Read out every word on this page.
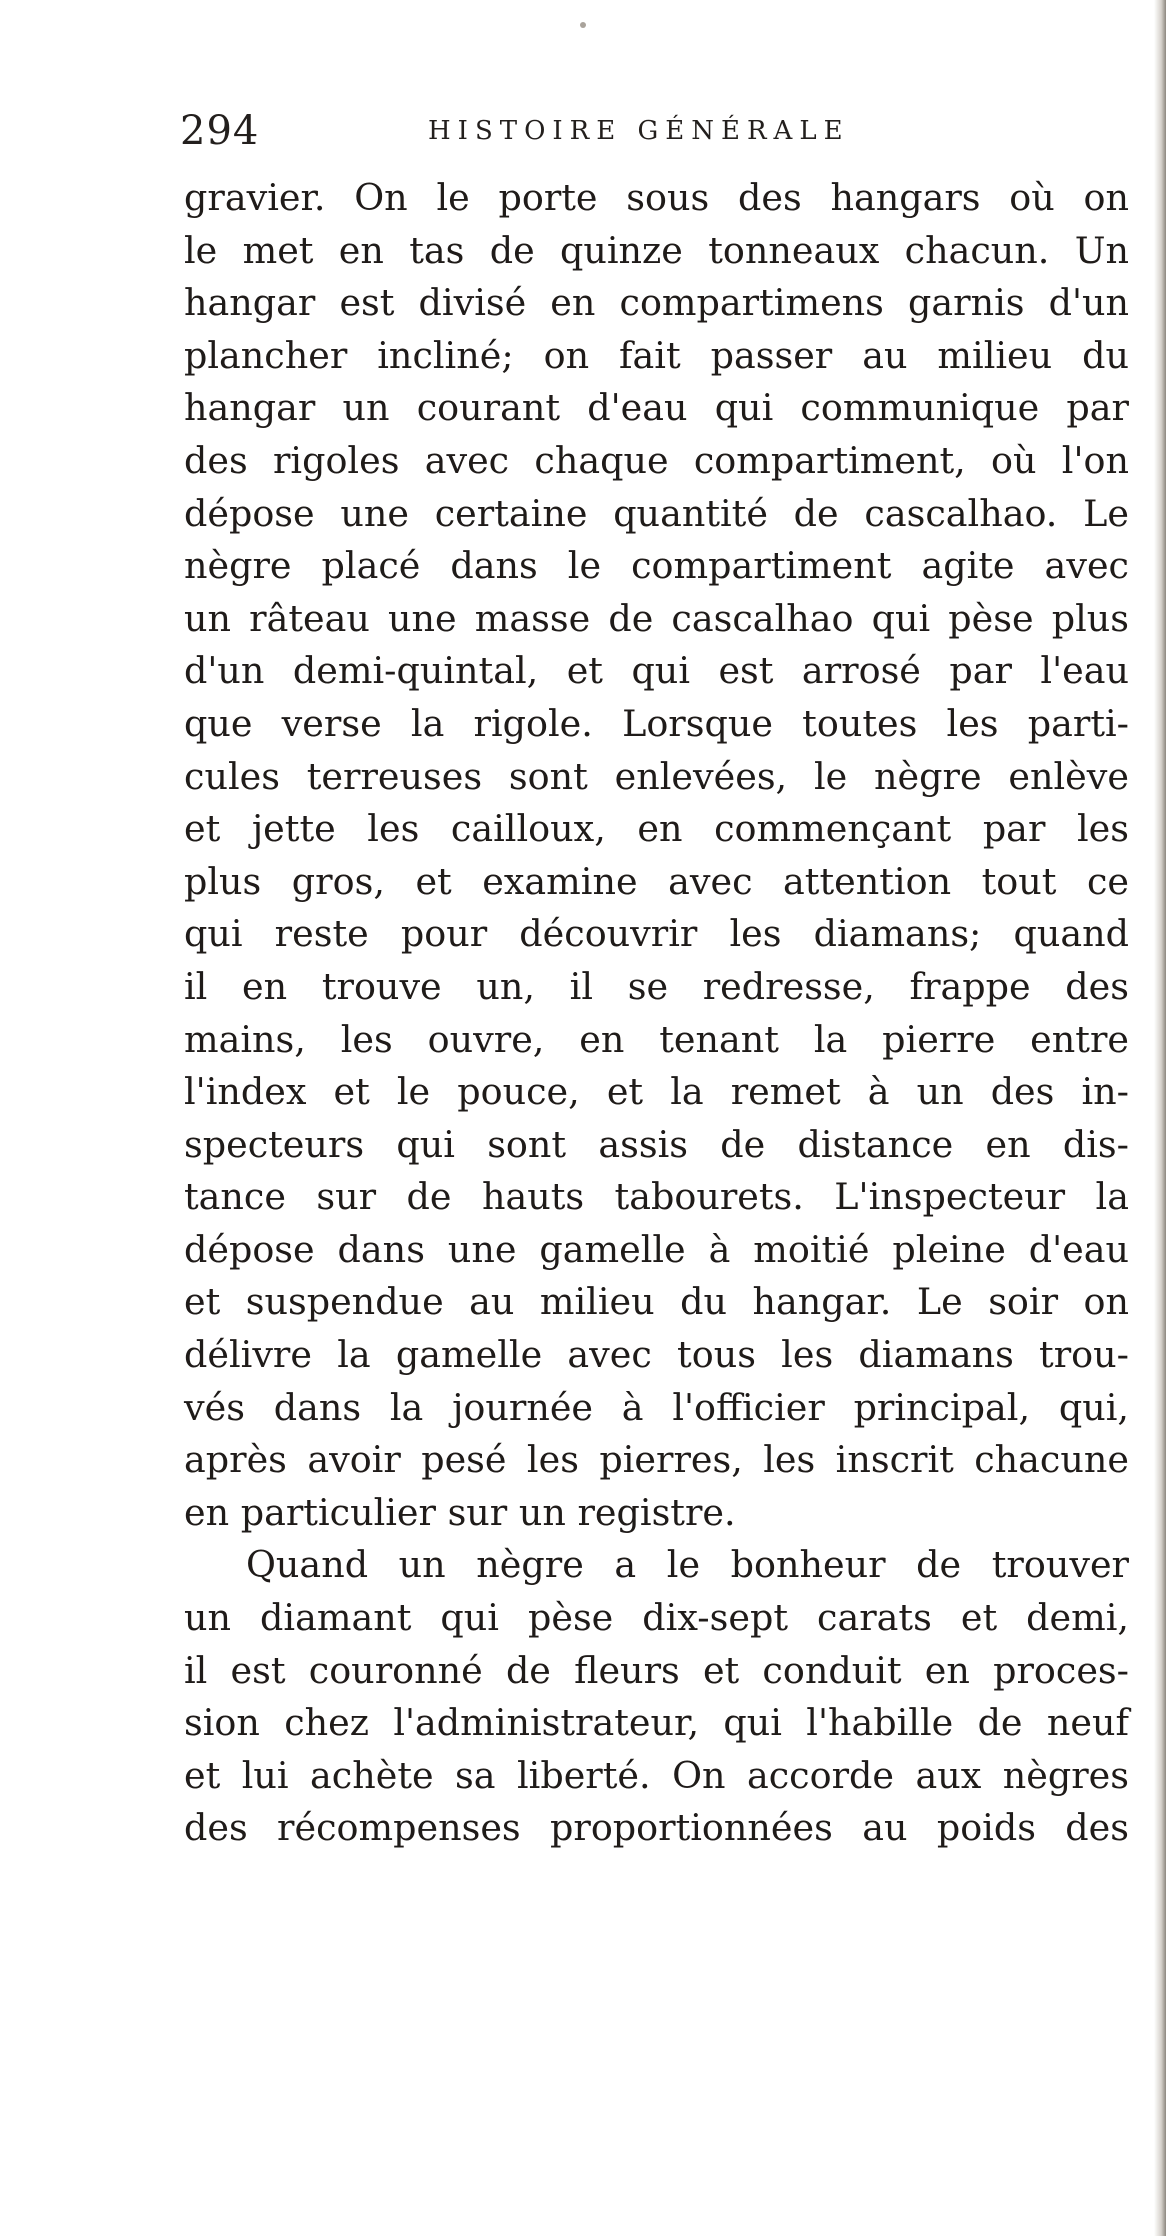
294	HISTOIRE GÉNÉRALE
gravier. On le porte sous des hangars où on
le met en tas de quinze tonneaux chacun. Un
hangar est divisé en compartimens garnis d'un
plancher incliné; on fait passer au milieu du
hangar un courant d'eau qui communique par
des rigoles avec chaque compartiment, où l'on
dépose une certaine quantité de cascalhao. Le
nègre placé dans le compartiment agite avec
un râteau une masse de cascalhao qui pèse plus
d'un demi-quintal, et qui est arrosé par l'eau
que verse la rigole. Lorsque toutes les parti-
cules terreuses sont enlevées, le nègre enlève
et jette les cailloux, en commençant par les
plus gros, et examine avec attention tout ce
qui reste pour découvrir les diamans; quand
il en trouve un, il se redresse, frappe des
mains, les ouvre, en tenant la pierre entre
l'index et le pouce, et la remet à un des in-
specteurs qui sont assis de distance en dis-
tance sur de hauts tabourets. L'inspecteur la
dépose dans une gamelle à moitié pleine d'eau
et suspendue au milieu du hangar. Le soir on
délivre la gamelle avec tous les diamans trou-
vés dans la journée à l'officier principal, qui,
après avoir pesé les pierres, les inscrit chacune
en particulier sur un registre.
Quand un nègre a le bonheur de trouver
un diamant qui pèse dix-sept carats et demi,
il est couronné de fleurs et conduit en proces-
sion chez l'administrateur, qui l'habille de neuf
et lui achète sa liberté. On accorde aux nègres
des récompenses proportionnées au poids des
